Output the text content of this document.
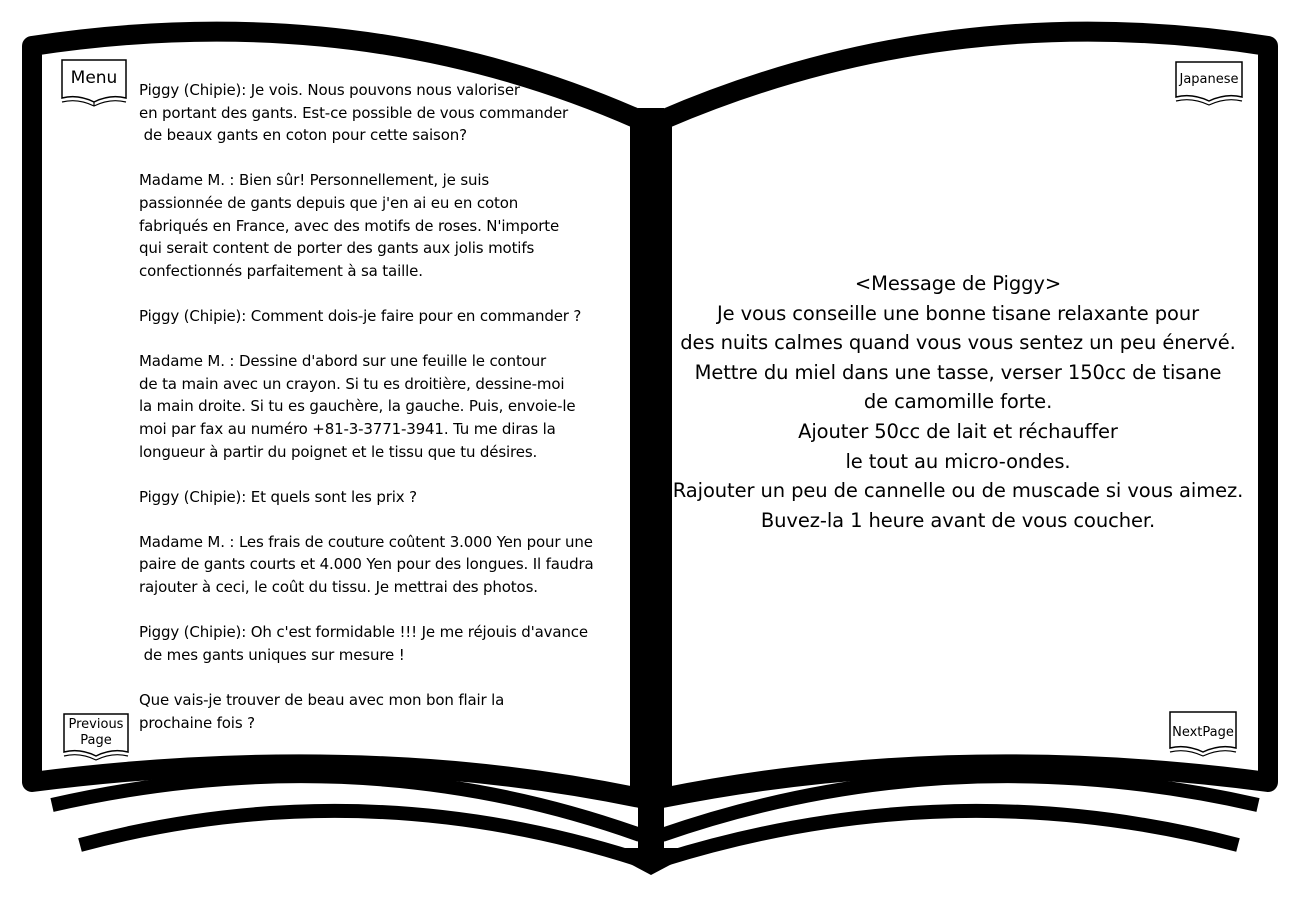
Piggy (Chipie): Je vois. Nous pouvons nous valoriser
en portant des gants. Est-ce possible de vous commander
de beaux gants en coton pour cette saison?

Madame M. : Bien sûr! Personnellement, je suis
passionnée de gants depuis que j'en ai eu en coton
fabriqués en France, avec des motifs de roses. N'importe
qui serait content de porter des gants aux jolis motifs
confectionnés parfaitement à sa taille.

Piggy (Chipie): Comment dois-je faire pour en commander ?

Madame M. : Dessine d'abord sur une feuille le contour
de ta main avec un crayon. Si tu es droitière, dessine-moi
la main droite. Si tu es gauchère, la gauche. Puis, envoie-le
moi par fax au numéro +81-3-3771-3941. Tu me diras la
longueur à partir du poignet et le tissu que tu désires.

Piggy (Chipie): Et quels sont les prix ?

Madame M. : Les frais de couture coûtent 3.000 Yen pour une
paire de gants courts et 4.000 Yen pour des longues. Il faudra
rajouter à ceci, le coût du tissu. Je mettrai des photos.

Piggy (Chipie): Oh c'est formidable !!! Je me réjouis d'avance
de mes gants uniques sur mesure !

Que vais-je trouver de beau avec mon bon flair la
prochaine fois ?
<Message de Piggy>
Je vous conseille une bonne tisane relaxante pour
des nuits calmes quand vous vous sentez un peu énervé.
Mettre du miel dans une tasse, verser 150cc de tisane
de camomille forte.
Ajouter 50cc de lait et réchauffer
le tout au micro-ondes.
Rajouter un peu de cannelle ou de muscade si vous aimez.
Buvez-la 1 heure avant de vous coucher.
Menu	Japanese
Previous
Page
NextPage
